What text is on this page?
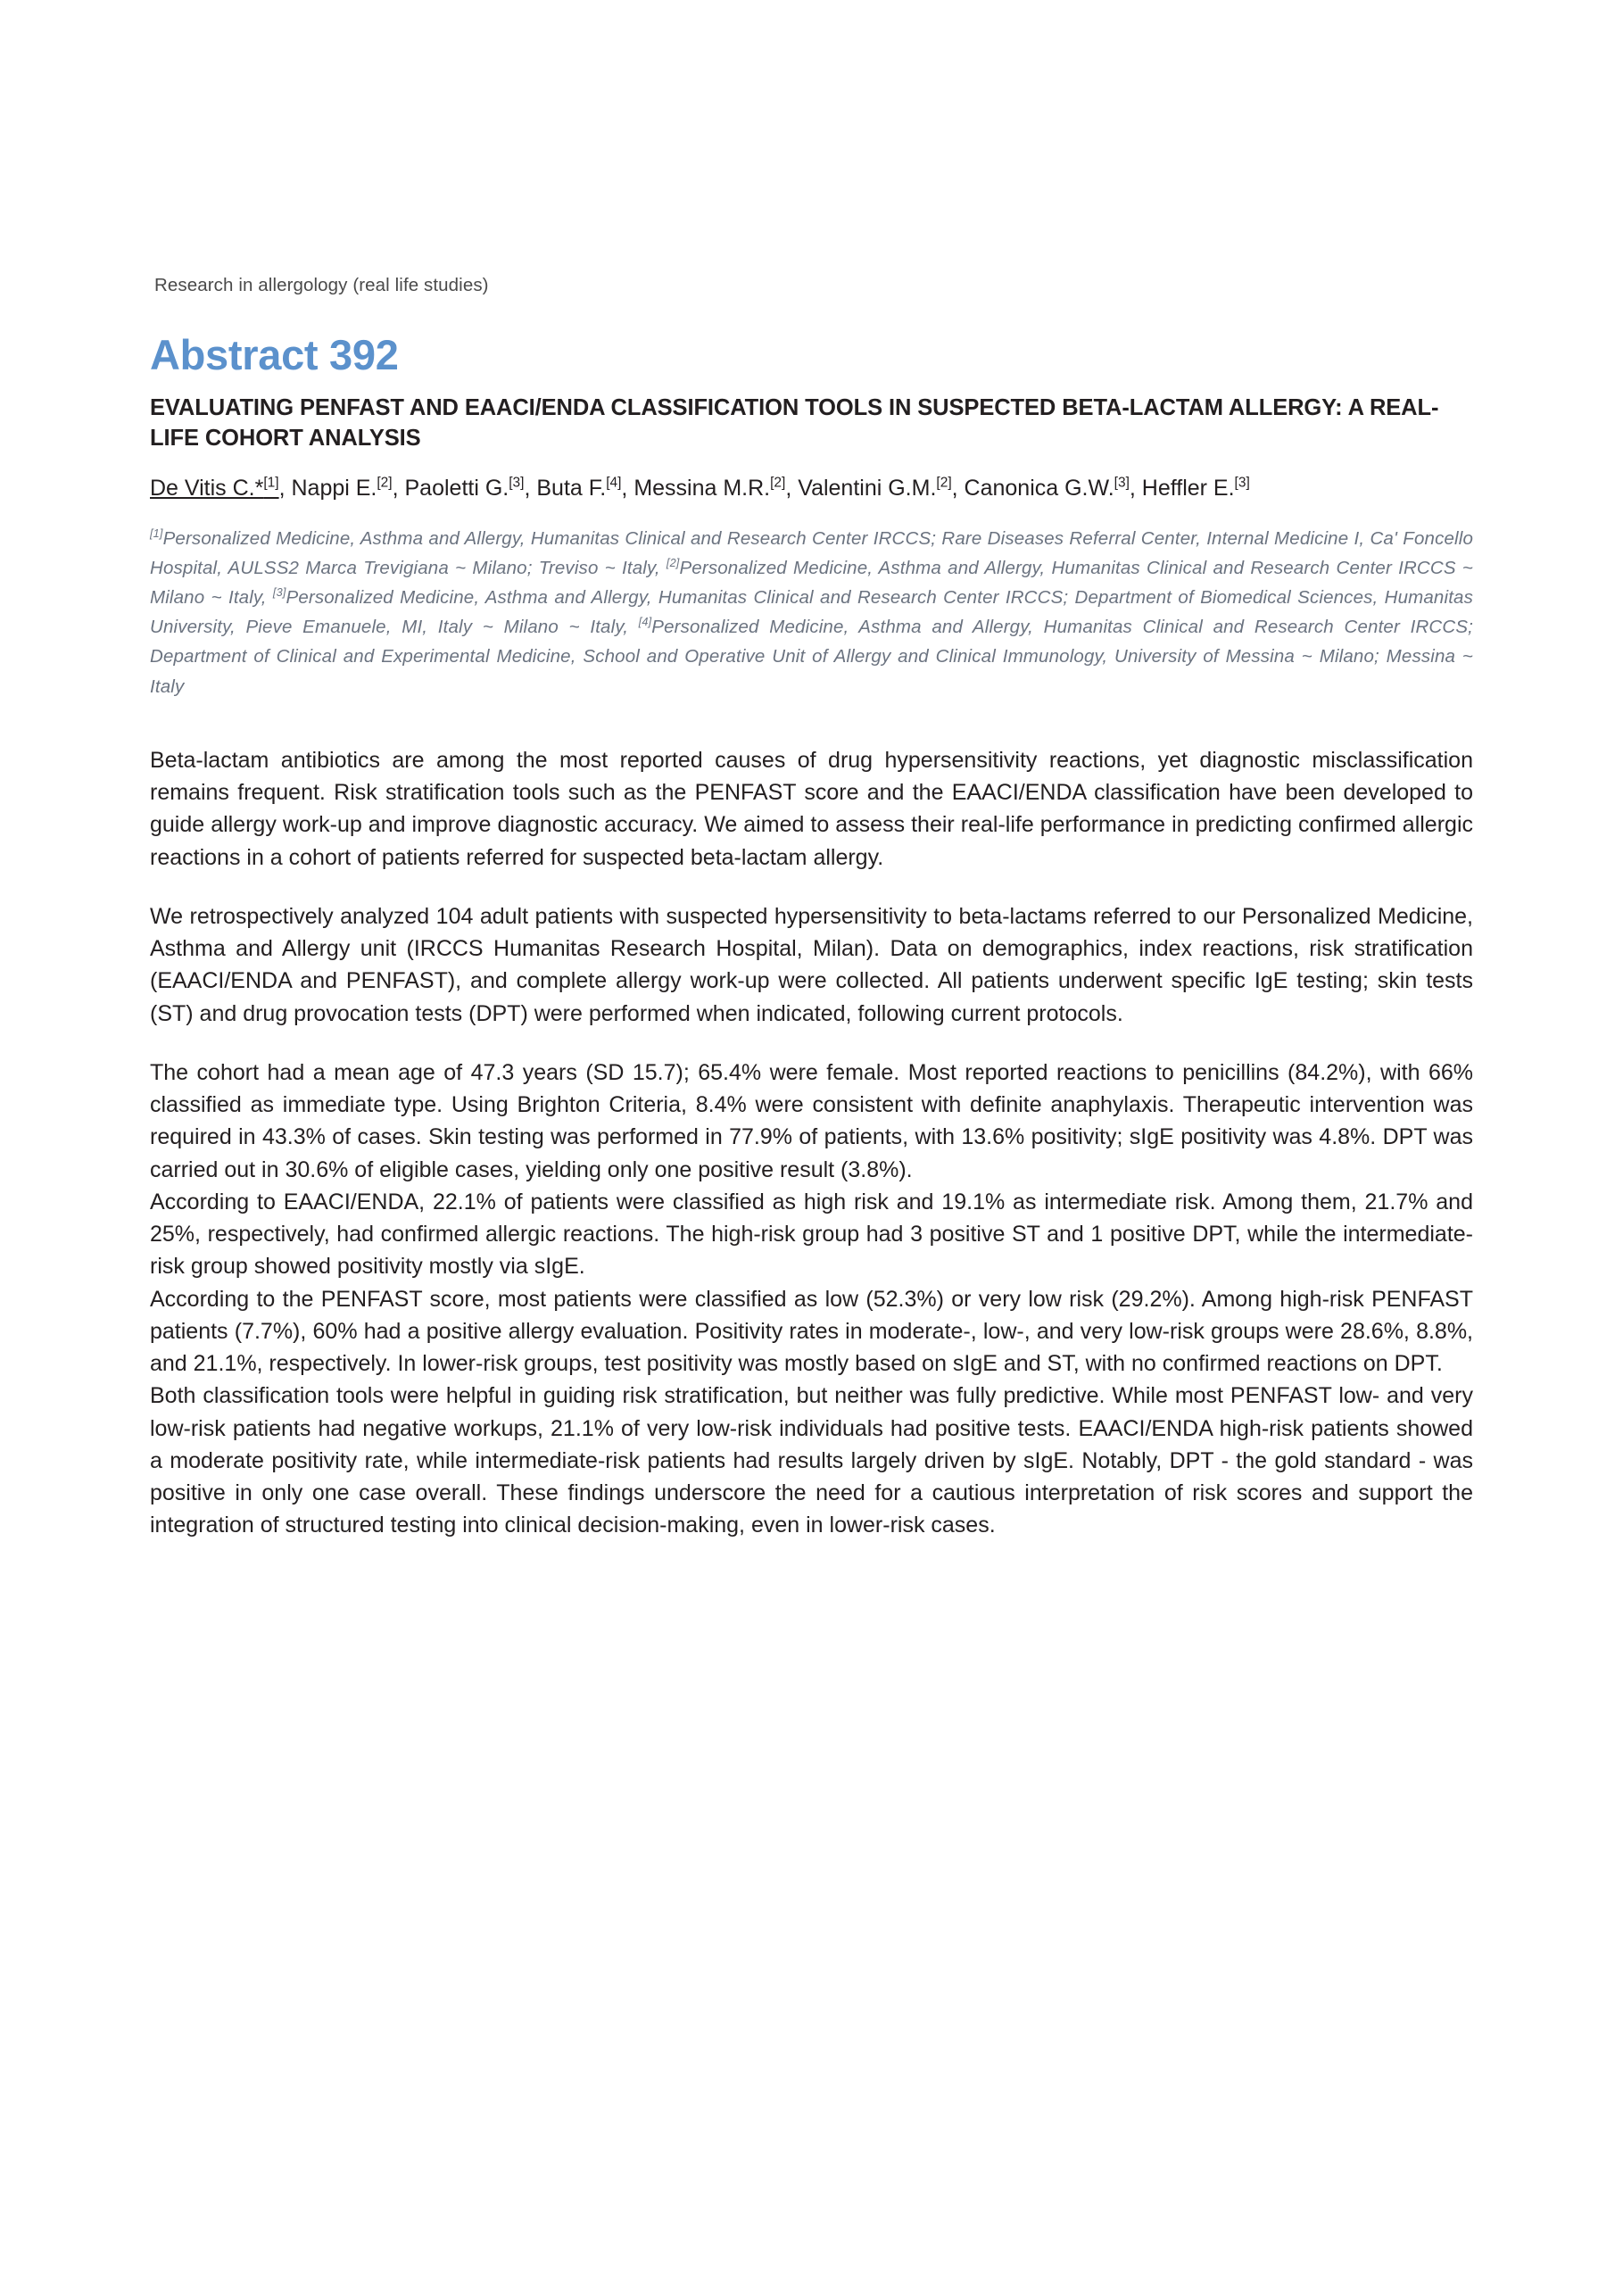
Research in allergology (real life studies)
Abstract 392
EVALUATING PENFAST AND EAACI/ENDA CLASSIFICATION TOOLS IN SUSPECTED BETA-LACTAM ALLERGY: A REAL-LIFE COHORT ANALYSIS
De Vitis C.*[1], Nappi E.[2], Paoletti G.[3], Buta F.[4], Messina M.R.[2], Valentini G.M.[2], Canonica G.W.[3], Heffler E.[3]
[1]Personalized Medicine, Asthma and Allergy, Humanitas Clinical and Research Center IRCCS; Rare Diseases Referral Center, Internal Medicine I, Ca' Foncello Hospital, AULSS2 Marca Trevigiana ~ Milano; Treviso ~ Italy, [2]Personalized Medicine, Asthma and Allergy, Humanitas Clinical and Research Center IRCCS ~ Milano ~ Italy, [3]Personalized Medicine, Asthma and Allergy, Humanitas Clinical and Research Center IRCCS; Department of Biomedical Sciences, Humanitas University, Pieve Emanuele, MI, Italy ~ Milano ~ Italy, [4]Personalized Medicine, Asthma and Allergy, Humanitas Clinical and Research Center IRCCS; Department of Clinical and Experimental Medicine, School and Operative Unit of Allergy and Clinical Immunology, University of Messina ~ Milano; Messina ~ Italy

Beta-lactam antibiotics are among the most reported causes of drug hypersensitivity reactions, yet diagnostic misclassification remains frequent. Risk stratification tools such as the PENFAST score and the EAACI/ENDA classification have been developed to guide allergy work-up and improve diagnostic accuracy. We aimed to assess their real-life performance in predicting confirmed allergic reactions in a cohort of patients referred for suspected beta-lactam allergy.

We retrospectively analyzed 104 adult patients with suspected hypersensitivity to beta-lactams referred to our Personalized Medicine, Asthma and Allergy unit (IRCCS Humanitas Research Hospital, Milan). Data on demographics, index reactions, risk stratification (EAACI/ENDA and PENFAST), and complete allergy work-up were collected. All patients underwent specific IgE testing; skin tests (ST) and drug provocation tests (DPT) were performed when indicated, following current protocols.

The cohort had a mean age of 47.3 years (SD 15.7); 65.4% were female. Most reported reactions to penicillins (84.2%), with 66% classified as immediate type. Using Brighton Criteria, 8.4% were consistent with definite anaphylaxis. Therapeutic intervention was required in 43.3% of cases. Skin testing was performed in 77.9% of patients, with 13.6% positivity; sIgE positivity was 4.8%. DPT was carried out in 30.6% of eligible cases, yielding only one positive result (3.8%).

According to EAACI/ENDA, 22.1% of patients were classified as high risk and 19.1% as intermediate risk. Among them, 21.7% and 25%, respectively, had confirmed allergic reactions. The high-risk group had 3 positive ST and 1 positive DPT, while the intermediate-risk group showed positivity mostly via sIgE.

According to the PENFAST score, most patients were classified as low (52.3%) or very low risk (29.2%). Among high-risk PENFAST patients (7.7%), 60% had a positive allergy evaluation. Positivity rates in moderate-, low-, and very low-risk groups were 28.6%, 8.8%, and 21.1%, respectively. In lower-risk groups, test positivity was mostly based on sIgE and ST, with no confirmed reactions on DPT.

Both classification tools were helpful in guiding risk stratification, but neither was fully predictive. While most PENFAST low- and very low-risk patients had negative workups, 21.1% of very low-risk individuals had positive tests. EAACI/ENDA high-risk patients showed a moderate positivity rate, while intermediate-risk patients had results largely driven by sIgE. Notably, DPT - the gold standard - was positive in only one case overall. These findings underscore the need for a cautious interpretation of risk scores and support the integration of structured testing into clinical decision-making, even in lower-risk cases.
